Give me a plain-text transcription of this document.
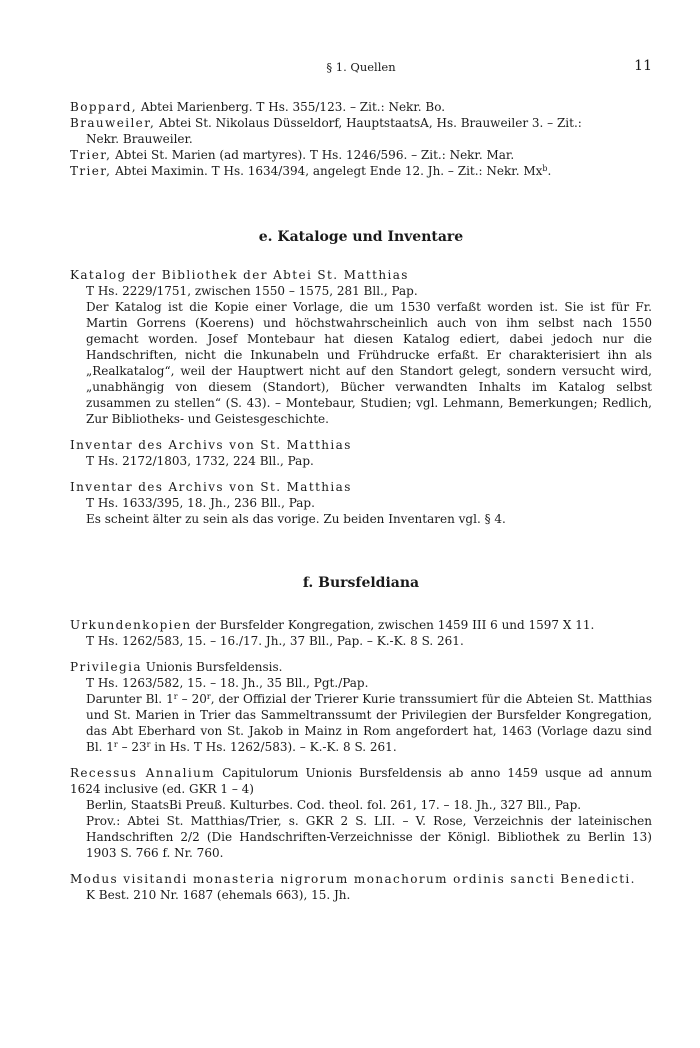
§ 1. Quellen	11
Boppard, Abtei Marienberg. T Hs. 355/123. – Zit.: Nekr. Bo.
Brauweiler, Abtei St. Nikolaus Düsseldorf, HauptstaatsA, Hs. Brauweiler 3. – Zit.:
Nekr. Brauweiler.
Trier, Abtei St. Marien (ad martyres). T Hs. 1246/596. – Zit.: Nekr. Mar.
Trier, Abtei Maximin. T Hs. 1634/394, angelegt Ende 12. Jh. – Zit.: Nekr. Mx$^b$.
e. Kataloge und Inventare
Katalog der Bibliothek der Abtei St. Matthias
T Hs. 2229/1751, zwischen 1550 – 1575, 281 Bll., Pap.
Der Katalog ist die Kopie einer Vorlage, die um 1530 verfaßt worden ist. Sie ist für Fr. Martin Gorrens (Koerens) und höchstwahrscheinlich auch von ihm selbst nach 1550 gemacht worden. Josef Montebaur hat diesen Katalog ediert, dabei jedoch nur die Handschriften, nicht die Inkunabeln und Frühdrucke erfaßt. Er charakterisiert ihn als „Realkatalog“, weil der Hauptwert nicht auf den Standort gelegt, sondern versucht wird, „unabhängig von diesem (Standort), Bücher verwandten Inhalts im Katalog selbst zusammen zu stellen“ (S. 43). – Montebaur, Studien; vgl. Lehmann, Bemerkungen; Redlich, Zur Bibliotheks- und Geistesgeschichte.
Inventar des Archivs von St. Matthias
T Hs. 2172/1803, 1732, 224 Bll., Pap.
Inventar des Archivs von St. Matthias
T Hs. 1633/395, 18. Jh., 236 Bll., Pap.
Es scheint älter zu sein als das vorige. Zu beiden Inventaren vgl. § 4.
f. Bursfeldiana
Urkundenkopien der Bursfelder Kongregation, zwischen 1459 III 6 und 1597 X 11.
T Hs. 1262/583, 15. – 16./17. Jh., 37 Bll., Pap. – K.-K. 8 S. 261.
Privilegia Unionis Bursfeldensis.
T Hs. 1263/582, 15. – 18. Jh., 35 Bll., Pgt./Pap.
Darunter Bl. 1$^r$ – 20$^r$, der Offizial der Trierer Kurie transsumiert für die Abteien St. Matthias und St. Marien in Trier das Sammeltranssumt der Privilegien der Bursfelder Kongregation, das Abt Eberhard von St. Jakob in Mainz in Rom angefordert hat, 1463 (Vorlage dazu sind Bl. 1$^r$ – 23$^r$ in Hs. T Hs. 1262/583). – K.-K. 8 S. 261.
Recessus Annalium Capitulorum Unionis Bursfeldensis ab anno 1459 usque ad annum 1624 inclusive (ed. GKR 1 – 4)
Berlin, StaatsBi Preuß. Kulturbes. Cod. theol. fol. 261, 17. – 18. Jh., 327 Bll., Pap.
Prov.: Abtei St. Matthias/Trier, s. GKR 2 S. LII. – V. Rose, Verzeichnis der lateinischen Handschriften 2/2 (Die Handschriften-Verzeichnisse der Königl. Bibliothek zu Berlin 13) 1903 S. 766 f. Nr. 760.
Modus visitandi monasteria nigrorum monachorum ordinis sancti Benedicti.
K Best. 210 Nr. 1687 (ehemals 663), 15. Jh.
